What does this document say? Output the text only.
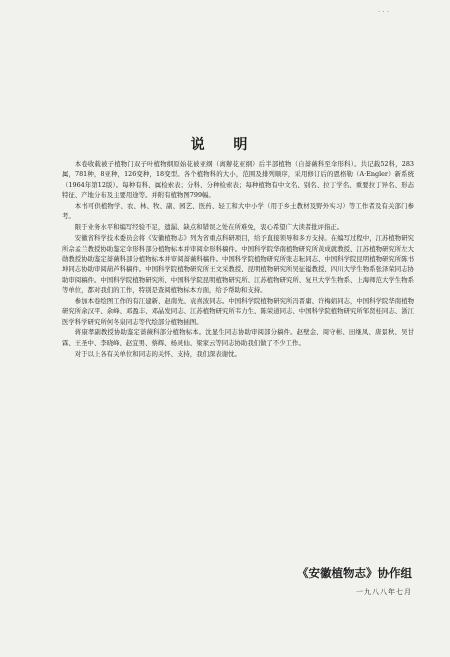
· · ·
说 明

本卷收载被子植物门双子叶植物纲原始花被亚纲（离辦花亚纲）后半部植物（自蔷薇科至伞形科）。共记载52科，283属，781种，8亚种，126变种，18变型。各个植物科的大小，范围及排列顺序，采用修订后的恩格勒（A·Engler）新系统（1964年第12版）。每种有科、属检索表；分科、分种检索表；每种植物有中文名、别名、拉丁学名、重要拉丁异名、形态特征、产地分布及主要用途等。并附有植物图799幅。

本书可供植物学、农、林、牧、副、园艺、医药、轻工和大中小学（用于乡土教材及野外实习）等工作者及有关部门参考。

限于业务水平和编写经验不足，遗漏、缺点和错误之处在所难免，衷心希望广大读者批评指正。

安徽省科学技术委员会将《安徽植物志》列为省重点科研项目，给予直接领导和多方支持。在编写过程中，江苏植物研究所佘孟兰教授协助鉴定伞形科部分植物标本并审阅伞形科稿件。中国科学院华南植物研究所黄成就教授、江苏植物研究所左大勋教授协助鉴定蔷薇科部分植物标本并审阅蔷薇科稿件。中国科学院植物研究所张志耘同志、中国科学院昆明植物研究所陈书坤同志协助审阅葫芦科稿件。中国科学院植物研究所王文采教授、昆明植物研究所吴征镒教授、四川大学生物系张泽荣同志协助审阅稿件。中国科学院植物研究所、中国科学院昆明植物研究所、江苏植物研究所、复旦大学生物系、上海师范大学生物系等单位，都对我们的工作，特别是查阅植物标本方面，给予帮助和支持。

参加本卷绘图工作的有江建新、赵南先、袁喜波同志。中国科学院植物研究所冯晋庸、许梅娟同志，中国科学院华南植物研究所余汉平、余峰、邓盈丰、邓晶发同志、江苏植物研究所韦力生、陈荣道同志、中国科学院植物研究所邹贤桂同志、浙江医学科学研究所何冬泉同志等代绘部分植物插图。

蒋康孝副教授协助鉴定蔷薇科部分植物标本。沈显生同志协助审阅部分稿件。赵壁金、周守彬、田继凤、唐景秋、吴甘霖、王圣中、李晓峰、赵宜男、蔡辉、杨灵仙、梁家云等同志协助我们做了不少工作。

对于以上各有关单位和同志的关怀、支持，我们深表谢忱。

《安徽植物志》协作组
一九八八年七月
